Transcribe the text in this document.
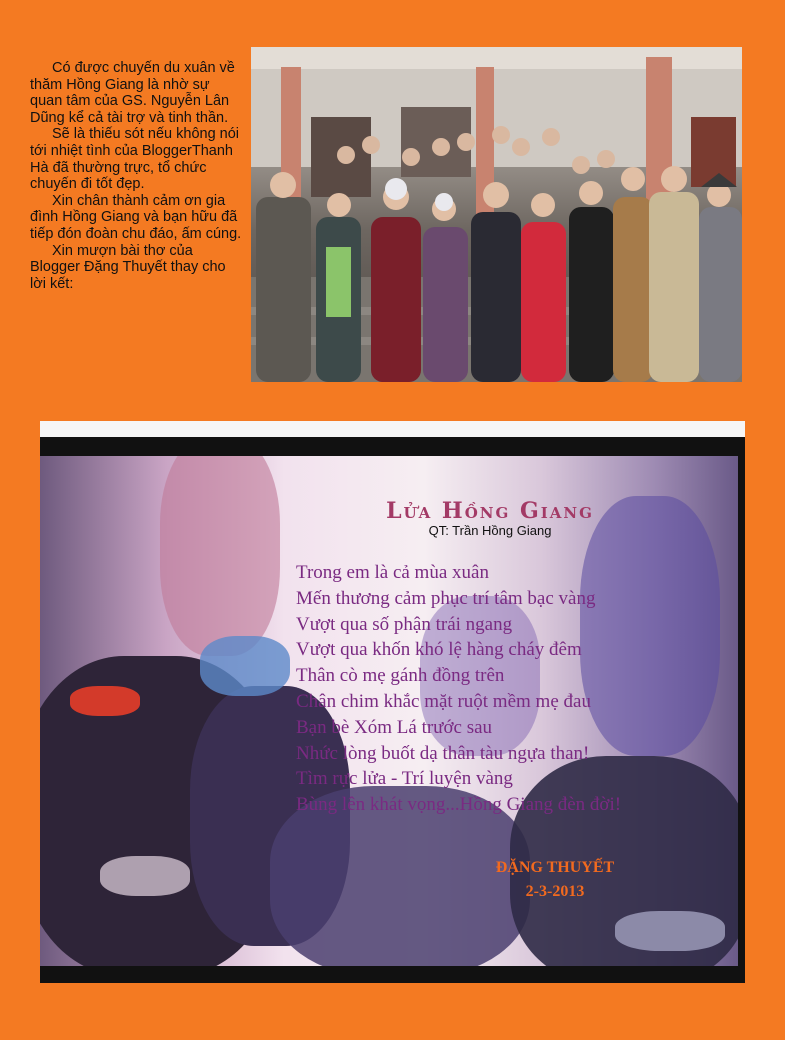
Có được chuyến du xuân về thăm Hồng Giang là nhờ sự quan tâm của GS. Nguyễn Lân Dũng kể cả tài trợ và tinh thần.

Sẽ là thiếu sót nếu không nói tới nhiệt tình của BloggerThanh Hà đã thường trực, tổ chức chuyến đi tốt đẹp.

Xin chân thành cảm ơn gia đình Hồng Giang và bạn hữu đã tiếp đón đoàn chu đáo, ấm cúng.

Xin mượn bài thơ của Blogger Đặng Thuyết thay cho lời kết:

Lửa Hồng Giang
QT: Trần Hồng Giang
Trong em là cả mùa xuân
Mến thương cảm phục trí tâm bạc vàng
Vượt qua số phận trái ngang
Vượt qua khốn khó lệ hàng cháy đêm
Thân cò mẹ gánh đồng trên
Chân chim khắc mặt ruột mềm mẹ đau
Bạn bè Xóm Lá trước sau
Nhức lòng buốt dạ thân tàu ngựa than!
Tìm rực lửa - Trí luyện vàng
Bùng lên khát vọng...Hồng Giang đèn đời!
ĐẶNG THUYẾT
2-3-2013
